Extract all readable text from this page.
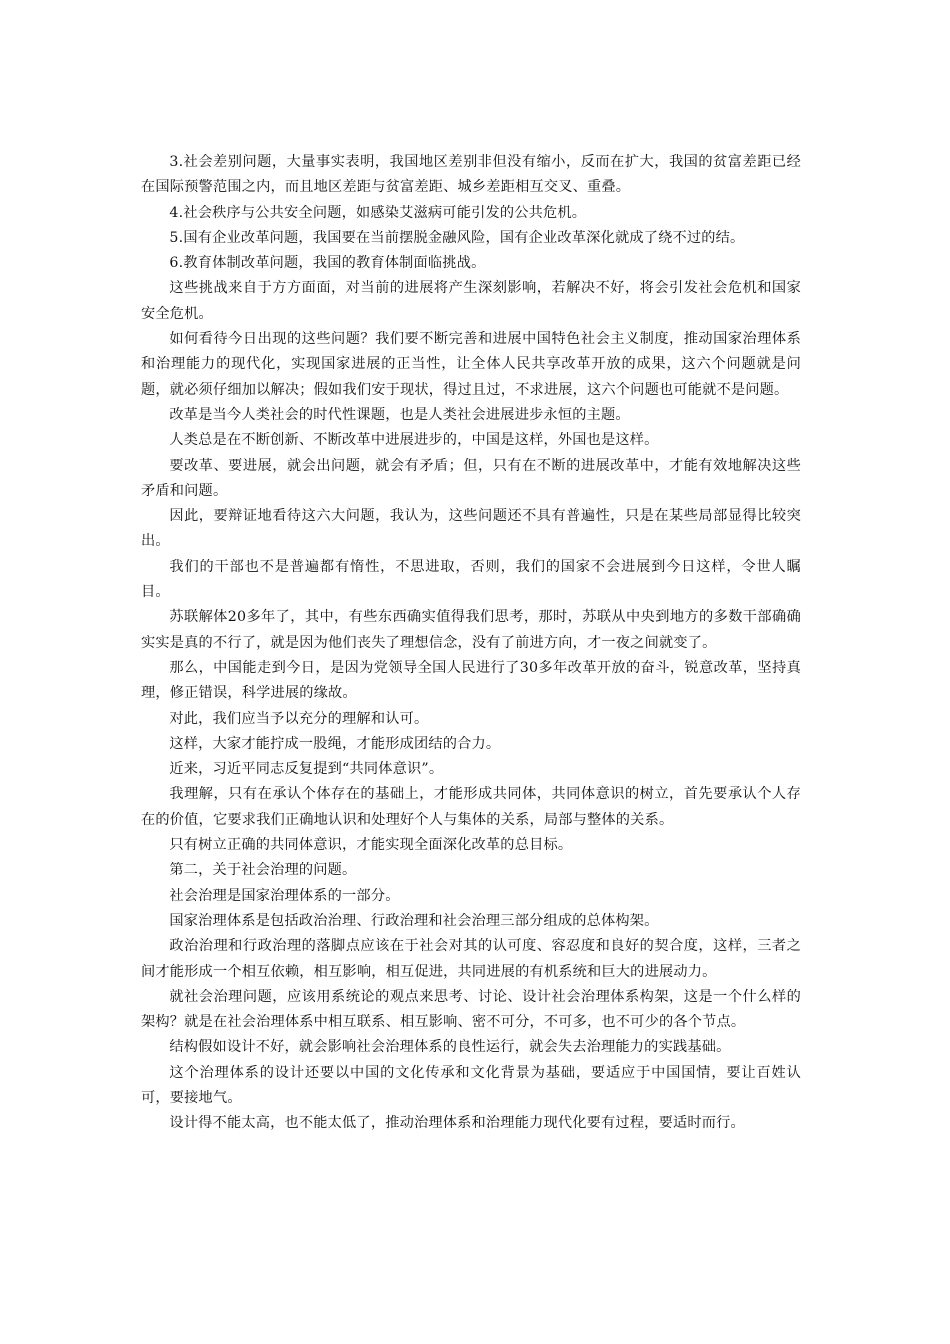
3.社会差别问题，大量事实表明，我国地区差别非但没有缩小，反而在扩大，我国的贫富差距已经在国际预警范围之内，而且地区差距与贫富差距、城乡差距相互交叉、重叠。

4.社会秩序与公共安全问题，如感染艾滋病可能引发的公共危机。

5.国有企业改革问题，我国要在当前摆脱金融风险，国有企业改革深化就成了绕不过的结。

6.教育体制改革问题，我国的教育体制面临挑战。

这些挑战来自于方方面面，对当前的进展将产生深刻影响，若解决不好，将会引发社会危机和国家安全危机。

如何看待今日出现的这些问题？我们要不断完善和进展中国特色社会主义制度，推动国家治理体系和治理能力的现代化，实现国家进展的正当性，让全体人民共享改革开放的成果，这六个问题就是问题，就必须仔细加以解决；假如我们安于现状，得过且过，不求进展，这六个问题也可能就不是问题。

改革是当今人类社会的时代性课题，也是人类社会进展进步永恒的主题。

人类总是在不断创新、不断改革中进展进步的，中国是这样，外国也是这样。

要改革、要进展，就会出问题，就会有矛盾；但，只有在不断的进展改革中，才能有效地解决这些矛盾和问题。

因此，要辩证地看待这六大问题，我认为，这些问题还不具有普遍性，只是在某些局部显得比较突出。

我们的干部也不是普遍都有惰性，不思进取，否则，我们的国家不会进展到今日这样，令世人瞩目。

苏联解体20多年了，其中，有些东西确实值得我们思考，那时，苏联从中央到地方的多数干部确确实实是真的不行了，就是因为他们丧失了理想信念，没有了前进方向，才一夜之间就变了。

那么，中国能走到今日，是因为党领导全国人民进行了30多年改革开放的奋斗，锐意改革，坚持真理，修正错误，科学进展的缘故。

对此，我们应当予以充分的理解和认可。

这样，大家才能拧成一股绳，才能形成团结的合力。

近来，习近平同志反复提到“共同体意识”。

我理解，只有在承认个体存在的基础上，才能形成共同体，共同体意识的树立，首先要承认个人存在的价值，它要求我们正确地认识和处理好个人与集体的关系，局部与整体的关系。

只有树立正确的共同体意识，才能实现全面深化改革的总目标。

第二，关于社会治理的问题。

社会治理是国家治理体系的一部分。

国家治理体系是包括政治治理、行政治理和社会治理三部分组成的总体构架。

政治治理和行政治理的落脚点应该在于社会对其的认可度、容忍度和良好的契合度，这样，三者之间才能形成一个相互依赖，相互影响，相互促进，共同进展的有机系统和巨大的进展动力。

就社会治理问题，应该用系统论的观点来思考、讨论、设计社会治理体系构架，这是一个什么样的架构？就是在社会治理体系中相互联系、相互影响、密不可分，不可多，也不可少的各个节点。

结构假如设计不好，就会影响社会治理体系的良性运行，就会失去治理能力的实践基础。

这个治理体系的设计还要以中国的文化传承和文化背景为基础，要适应于中国国情，要让百姓认可，要接地气。

设计得不能太高，也不能太低了，推动治理体系和治理能力现代化要有过程，要适时而行。
